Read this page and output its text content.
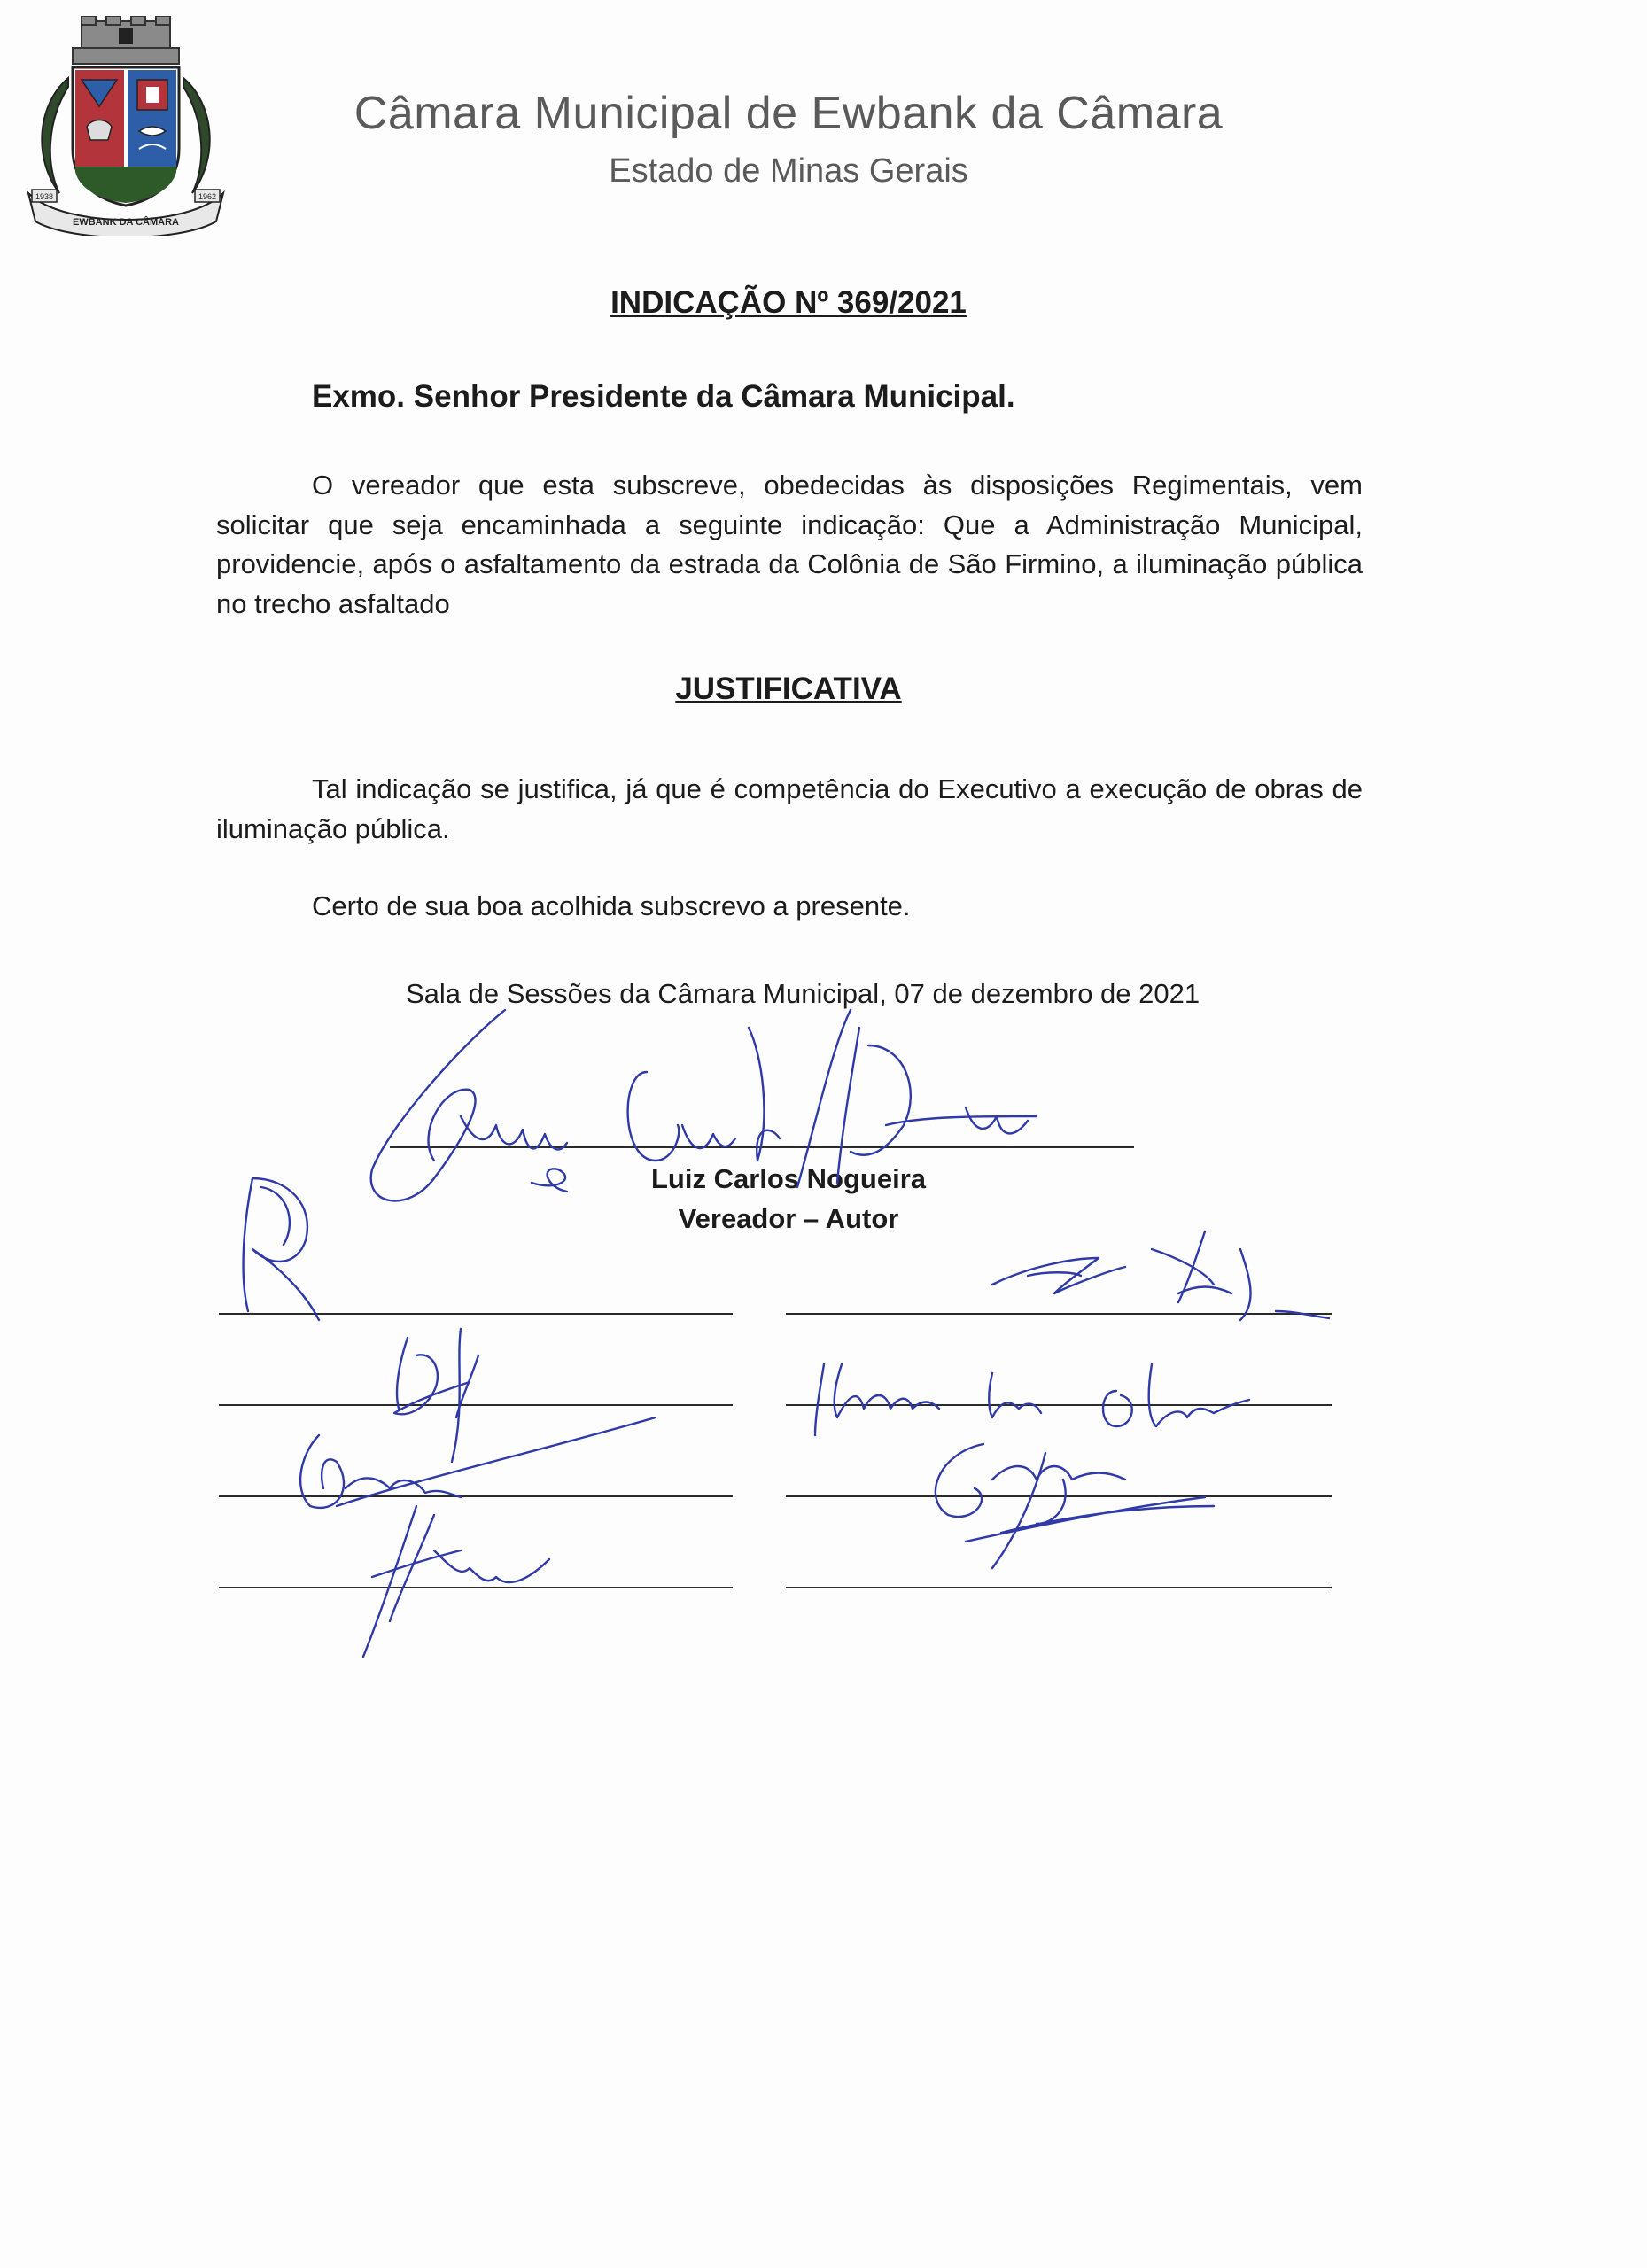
EWBANK DA CÂMARA
1938	1962
Câmara Municipal de Ewbank da Câmara
Estado de Minas Gerais
INDICAÇÃO Nº 369/2021
Exmo. Senhor Presidente da Câmara Municipal.
O vereador que esta subscreve, obedecidas às disposições Regimentais, vem solicitar que seja encaminhada a seguinte indicação: Que a Administração Municipal, providencie, após o asfaltamento da estrada da Colônia de São Firmino, a iluminação pública no trecho asfaltado
JUSTIFICATIVA
Tal indicação se justifica, já que é competência do Executivo a execução de obras de iluminação pública.
Certo de sua boa acolhida subscrevo a presente.
Sala de Sessões da Câmara Municipal, 07 de dezembro de 2021
Luiz Carlos Nogueira
Vereador – Autor
